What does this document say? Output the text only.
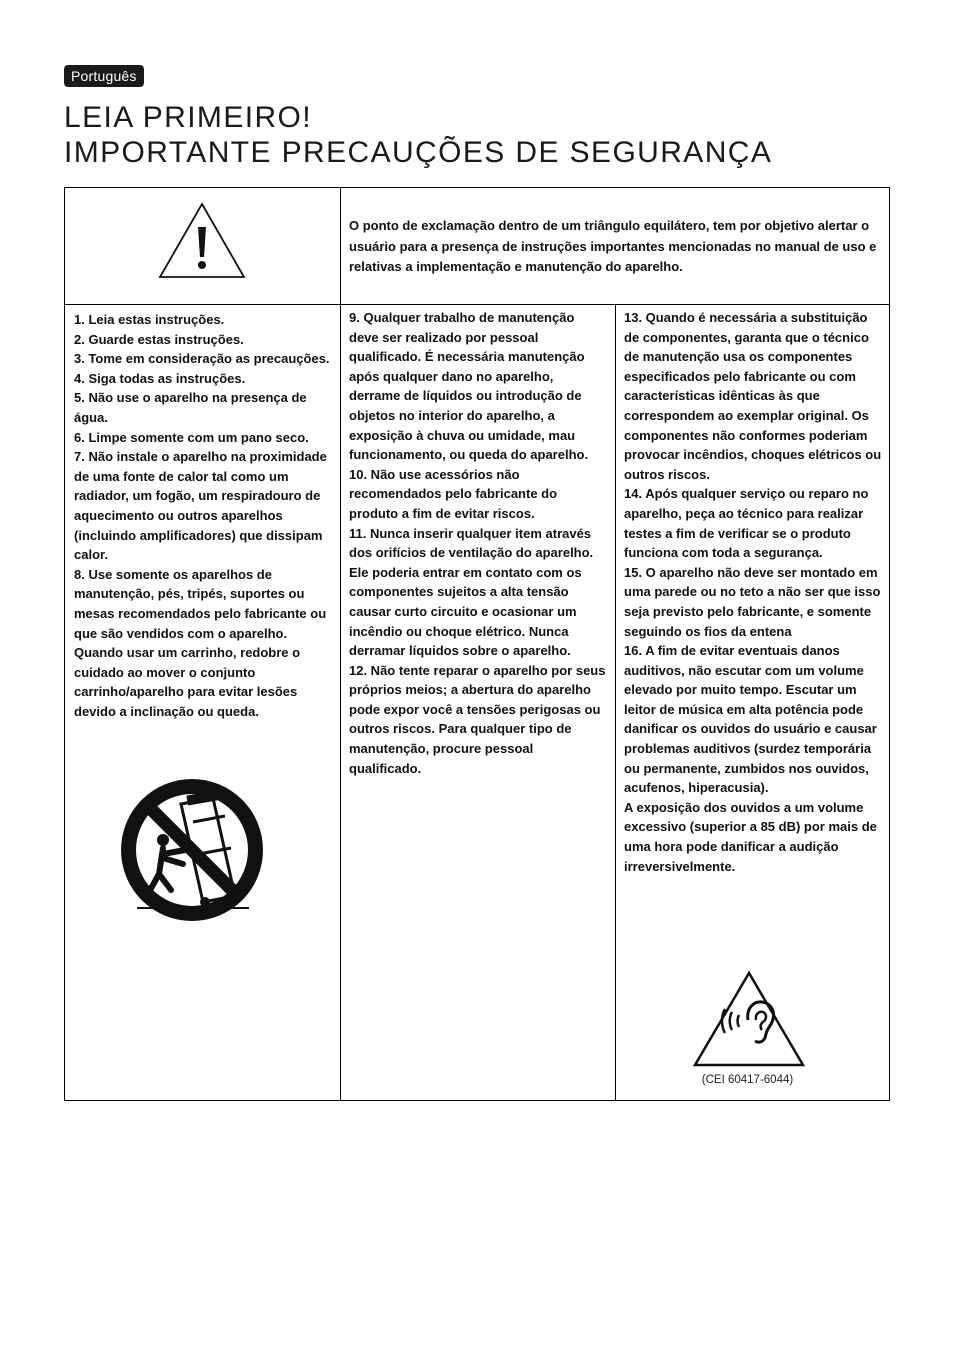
Português
LEIA PRIMEIRO!
IMPORTANTE PRECAUÇÕES DE SEGURANÇA
O ponto de exclamação dentro de um triângulo equilátero, tem por objetivo alertar o usuário para a presença de instruções importantes mencionadas no manual de uso e relativas a implementação e manutenção do aparelho.

1. Leia estas instruções.

2. Guarde estas instruções.

3. Tome em consideração as precauções.

4. Siga todas as instruções.

5. Não use o aparelho na presença de água.

6. Limpe somente com um pano seco.

7. Não instale o aparelho na proximidade de uma fonte de calor tal como um radiador, um fogão, um respiradouro de aquecimento ou outros aparelhos (incluindo amplificadores) que dissipam calor.

8. Use somente os aparelhos de manutenção, pés, tripés, suportes ou mesas recomendados pelo fabricante ou que são vendidos com o aparelho. Quando usar um carrinho, redobre o cuidado ao mover o conjunto carrinho/aparelho para evitar lesões devido a inclinação ou queda.

9. Qualquer trabalho de manutenção deve ser realizado por pessoal qualificado. É necessária manutenção após qualquer dano no aparelho, derrame de líquidos ou introdução de objetos no interior do aparelho, a exposição à chuva ou umidade, mau funcionamento, ou queda do aparelho.

10. Não use acessórios não recomendados pelo fabricante do produto a fim de evitar riscos.

11. Nunca inserir qualquer item através dos orifícios de ventilação do aparelho. Ele poderia entrar em contato com os componentes sujeitos a alta tensão causar curto circuito e ocasionar um incêndio ou choque elétrico. Nunca derramar líquidos sobre o aparelho.

12. Não tente reparar o aparelho por seus próprios meios; a abertura do aparelho pode expor você a tensões perigosas ou outros riscos. Para qualquer tipo de manutenção, procure pessoal qualificado.

13. Quando é necessária a substituição de componentes, garanta que o técnico de manutenção usa os componentes especificados pelo fabricante ou com características idênticas às que correspondem ao exemplar original. Os componentes não conformes poderiam provocar incêndios, choques elétricos ou outros riscos.

14. Após qualquer serviço ou reparo no aparelho, peça ao técnico para realizar testes a fim de verificar se o produto funciona com toda a segurança.

15. O aparelho não deve ser montado em uma parede ou no teto a não ser que isso seja previsto pelo fabricante, e somente seguindo os fios da entena

16. A fim de evitar eventuais danos auditivos, não escutar com um volume elevado por muito tempo. Escutar um leitor de música em alta potência pode danificar os ouvidos do usuário e causar problemas auditivos (surdez temporária ou permanente, zumbidos nos ouvidos, acufenos, hiperacusia).

A exposição dos ouvidos a um volume excessivo (superior a 85 dB) por mais de uma hora pode danificar a audição irreversivelmente.

(CEI 60417-6044)
